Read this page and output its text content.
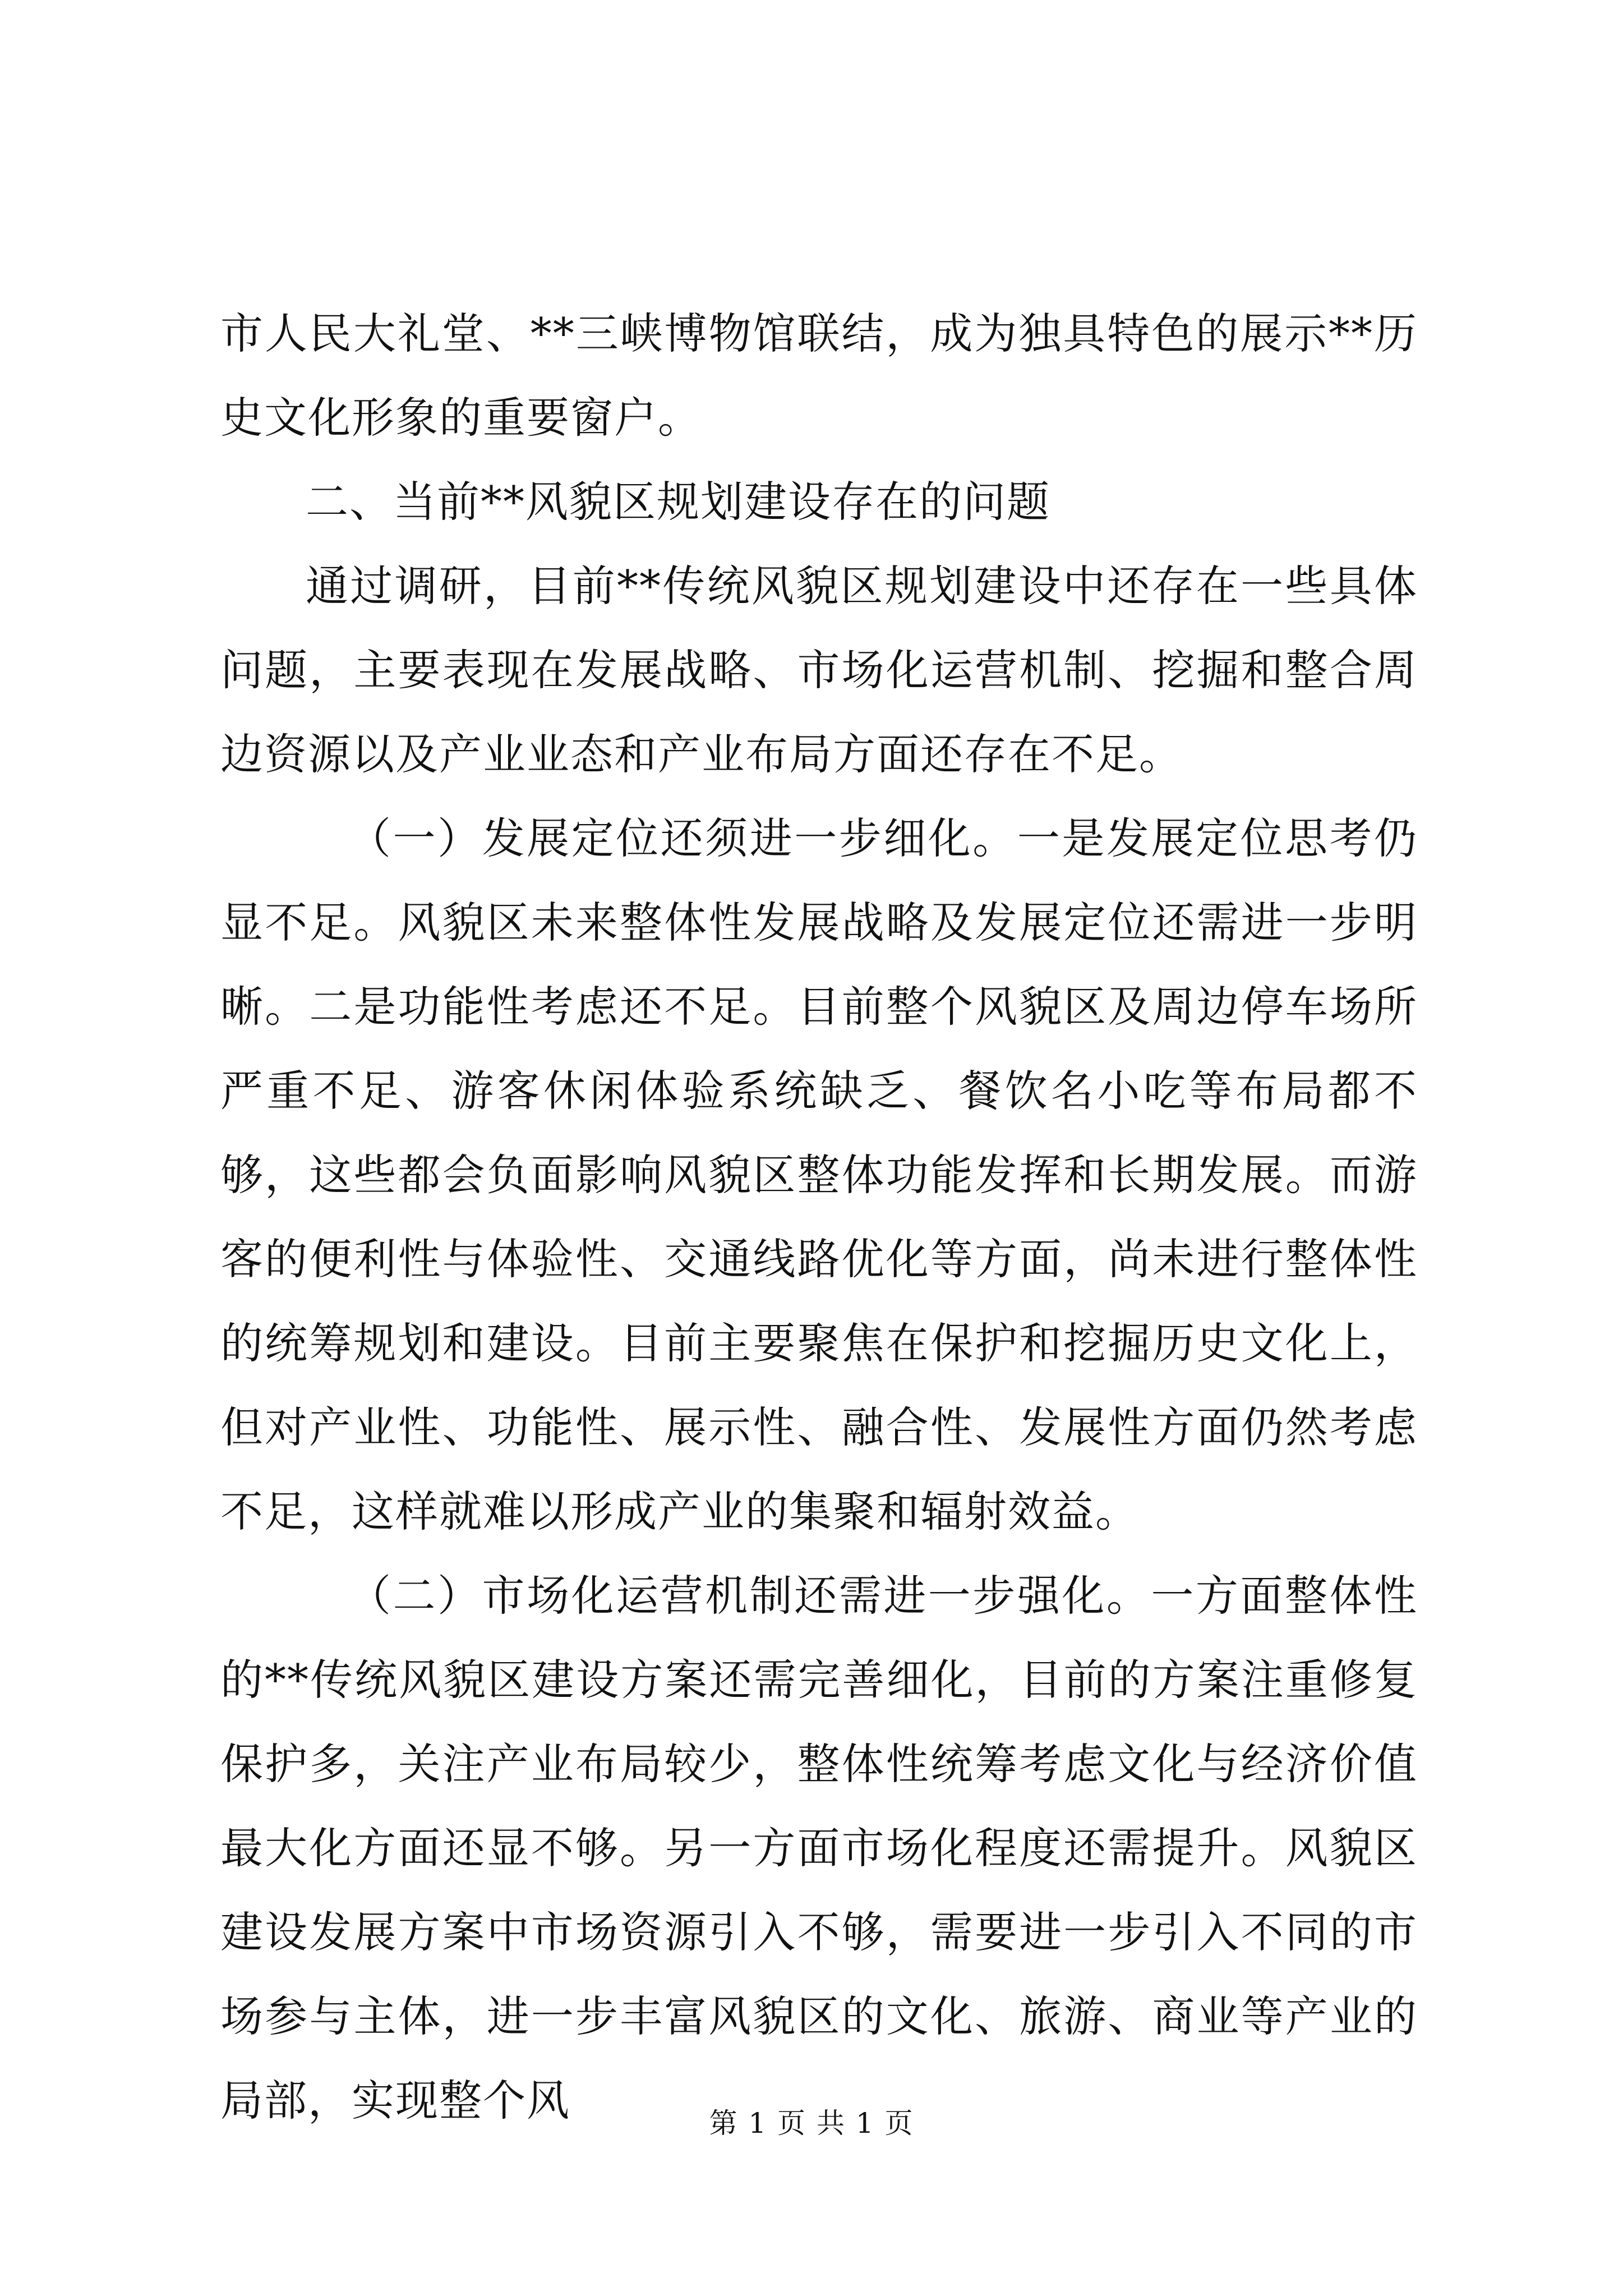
市人民大礼堂、**三峡博物馆联结，成为独具特色的展示**历史文化形象的重要窗户。

二、当前**风貌区规划建设存在的问题

通过调研，目前**传统风貌区规划建设中还存在一些具体问题，主要表现在发展战略、市场化运营机制、挖掘和整合周边资源以及产业业态和产业布局方面还存在不足。

（一）发展定位还须进一步细化。一是发展定位思考仍显不足。风貌区未来整体性发展战略及发展定位还需进一步明晰。二是功能性考虑还不足。目前整个风貌区及周边停车场所严重不足、游客休闲体验系统缺乏、餐饮名小吃等布局都不够，这些都会负面影响风貌区整体功能发挥和长期发展。而游客的便利性与体验性、交通线路优化等方面，尚未进行整体性的统筹规划和建设。目前主要聚焦在保护和挖掘历史文化上，但对产业性、功能性、展示性、融合性、发展性方面仍然考虑不足，这样就难以形成产业的集聚和辐射效益。

（二）市场化运营机制还需进一步强化。一方面整体性的**传统风貌区建设方案还需完善细化，目前的方案注重修复保护多，关注产业布局较少，整体性统筹考虑文化与经济价值最大化方面还显不够。另一方面市场化程度还需提升。风貌区建设发展方案中市场资源引入不够，需要进一步引入不同的市场参与主体，进一步丰富风貌区的文化、旅游、商业等产业的局部，实现整个风	第 1 页 共 1 页
